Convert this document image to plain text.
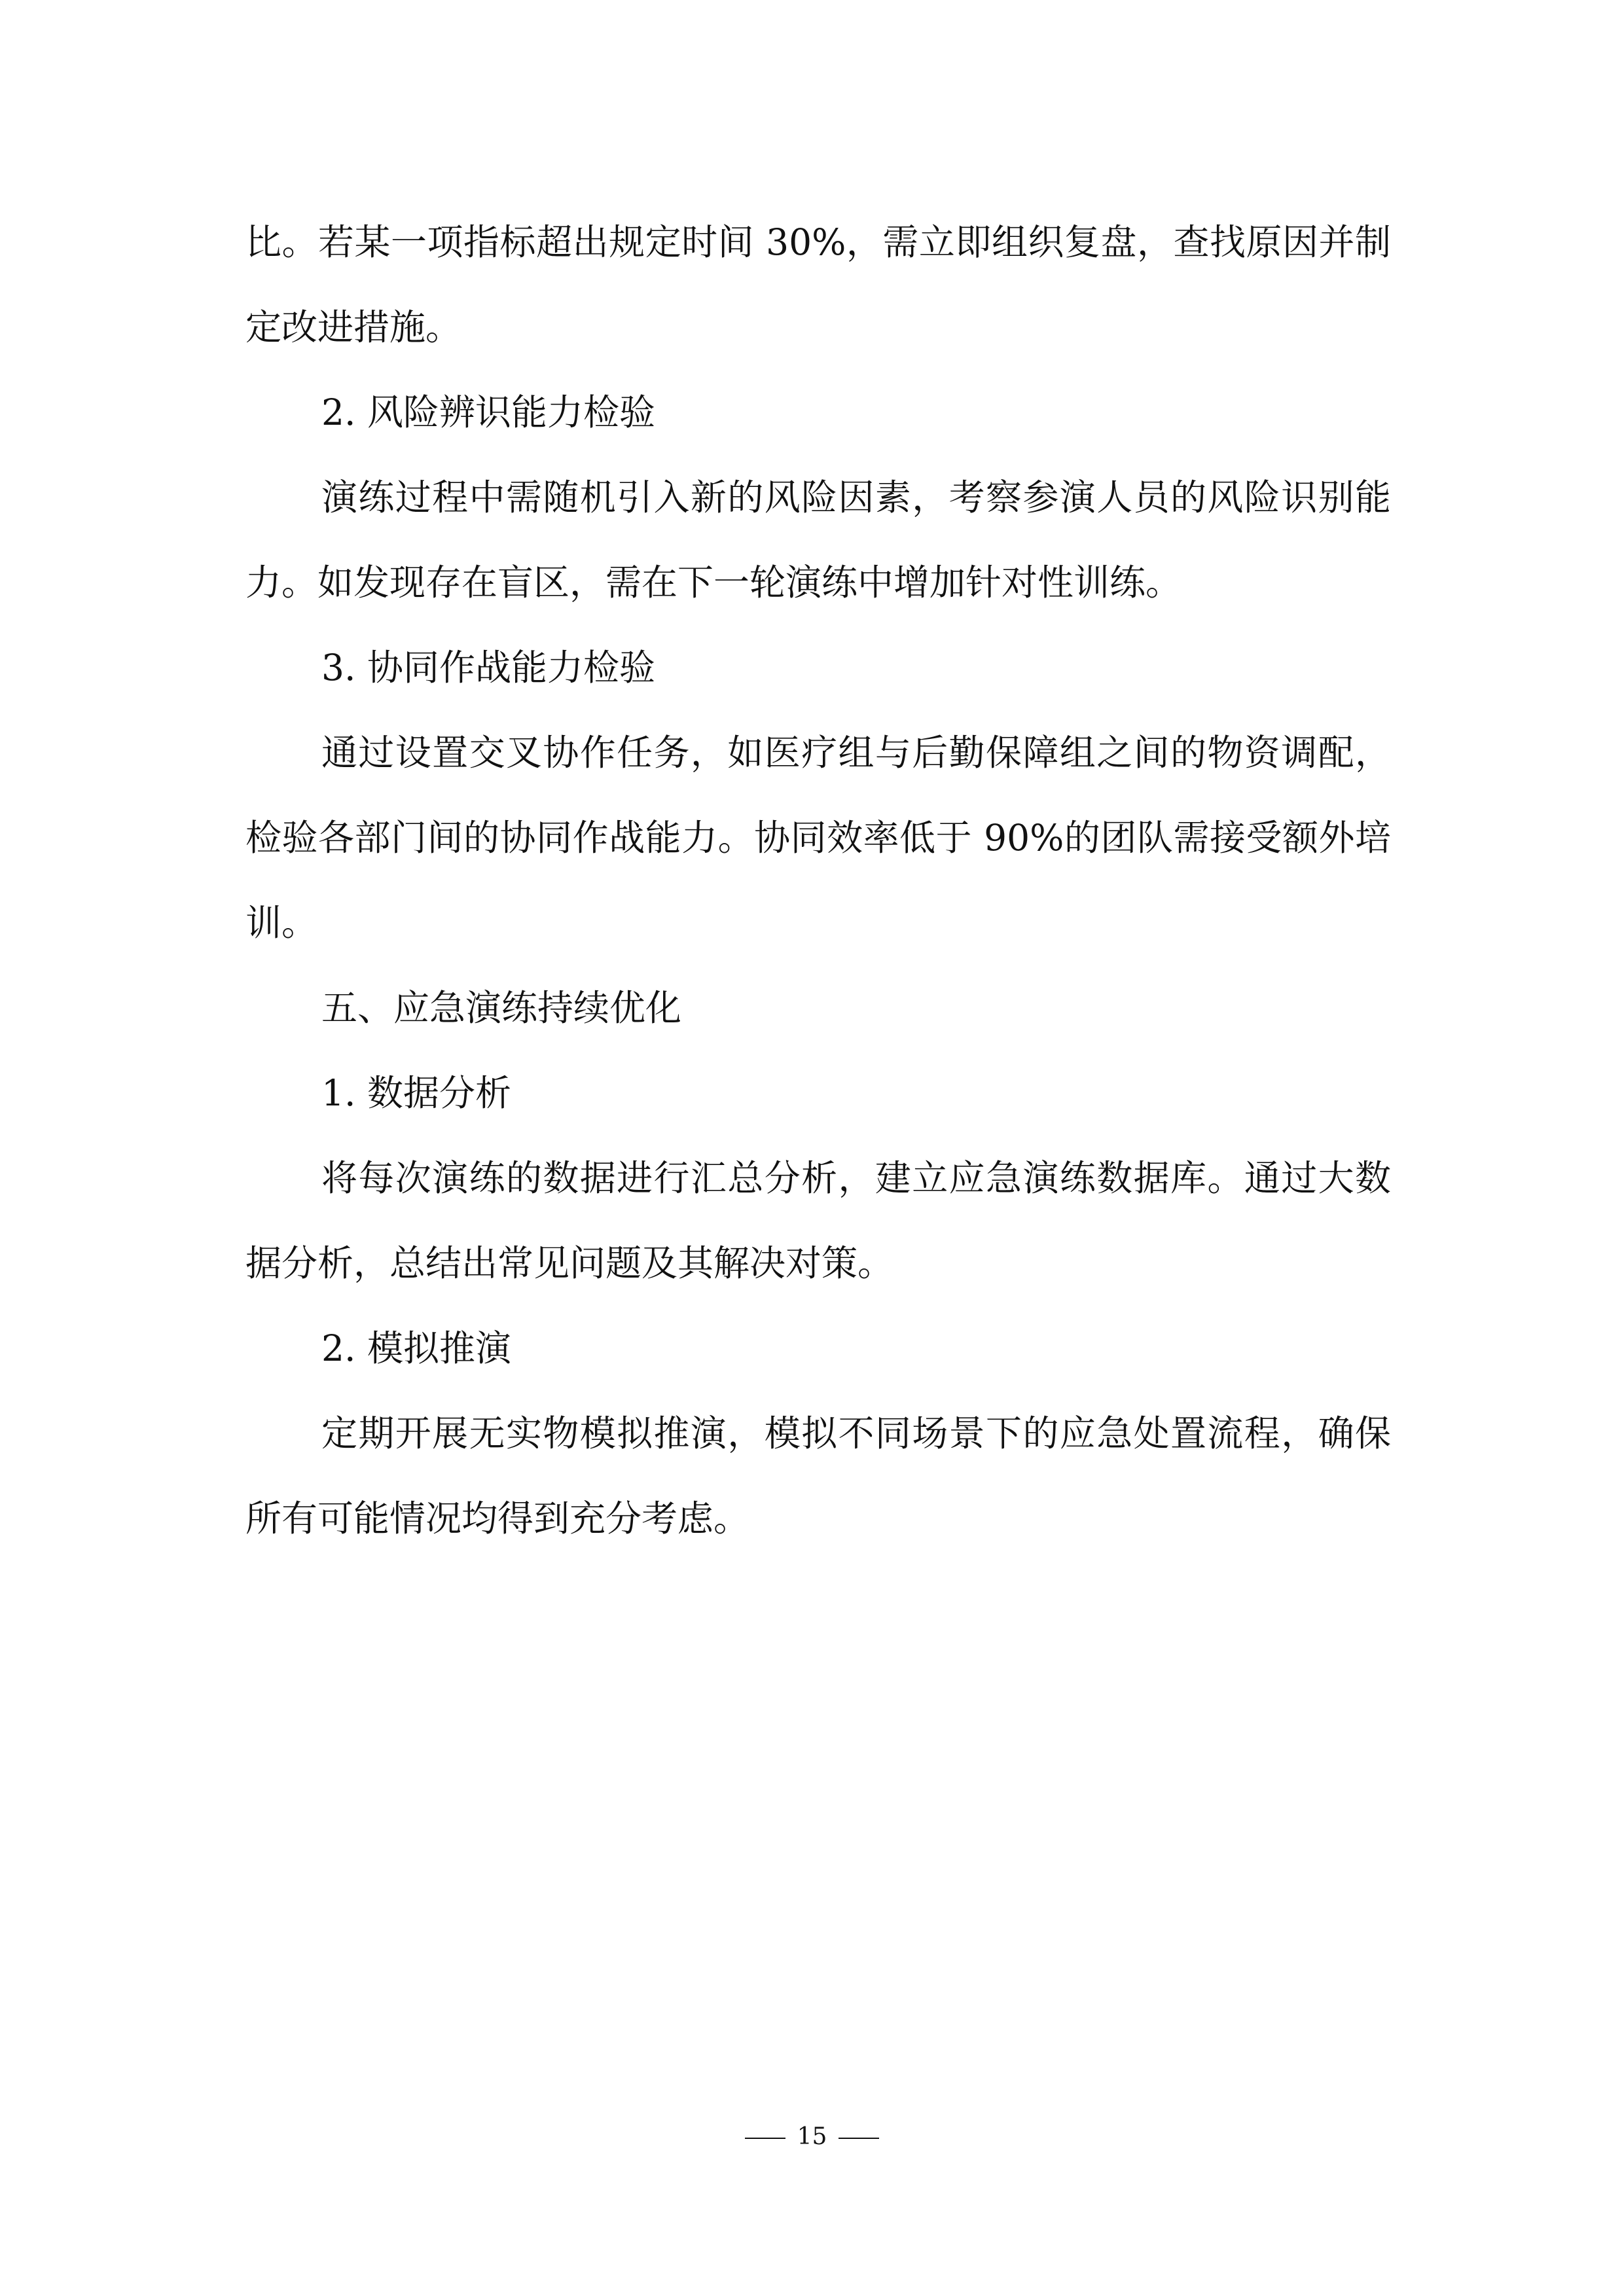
比。若某一项指标超出规定时间 30%，需立即组织复盘，查找原因并制定改进措施。

2. 风险辨识能力检验

演练过程中需随机引入新的风险因素，考察参演人员的风险识别能力。如发现存在盲区，需在下一轮演练中增加针对性训练。

3. 协同作战能力检验

通过设置交叉协作任务，如医疗组与后勤保障组之间的物资调配，检验各部门间的协同作战能力。协同效率低于 90%的团队需接受额外培训。

五、应急演练持续优化

1. 数据分析

将每次演练的数据进行汇总分析，建立应急演练数据库。通过大数据分析，总结出常见问题及其解决对策。

2. 模拟推演

定期开展无实物模拟推演，模拟不同场景下的应急处置流程，确保所有可能情况均得到充分考虑。

15
